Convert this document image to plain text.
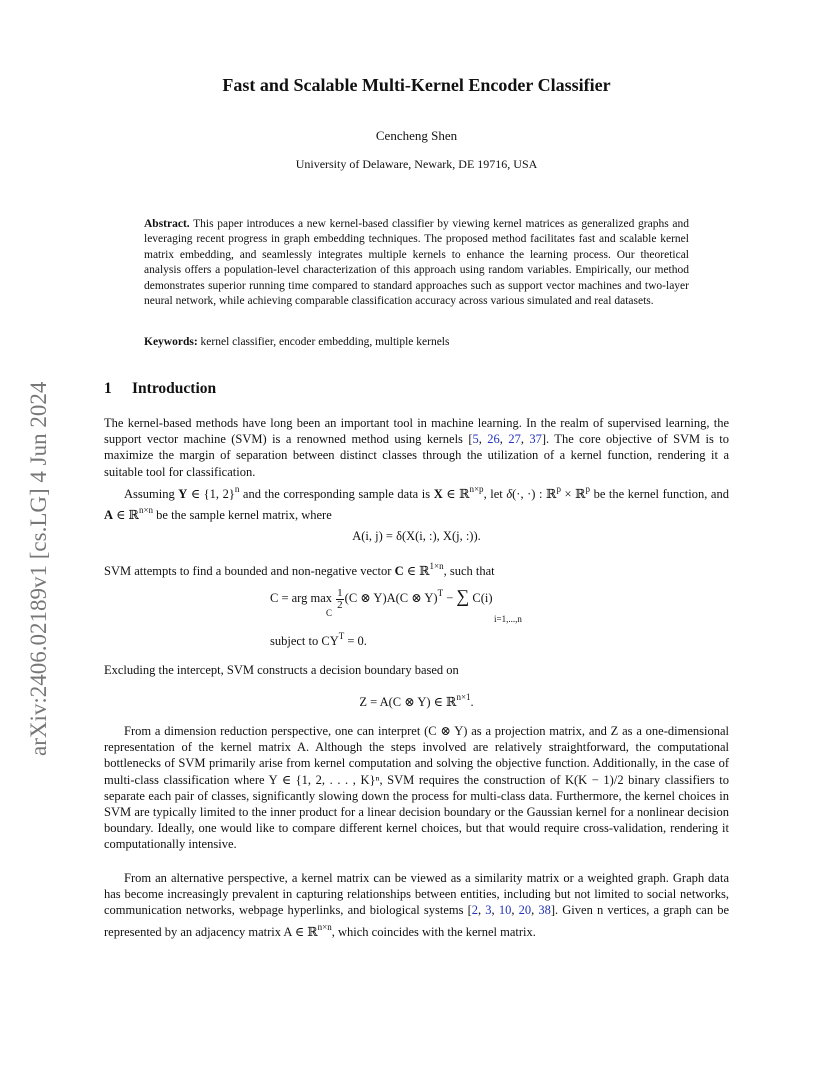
arXiv:2406.02189v1 [cs.LG] 4 Jun 2024
Fast and Scalable Multi-Kernel Encoder Classifier
Cencheng Shen
University of Delaware, Newark, DE 19716, USA
Abstract. This paper introduces a new kernel-based classifier by viewing kernel matrices as generalized graphs and leveraging recent progress in graph embedding techniques. The proposed method facilitates fast and scalable kernel matrix embedding, and seamlessly integrates multiple kernels to enhance the learning process. Our theoretical analysis offers a population-level characterization of this approach using random variables. Empirically, our method demonstrates superior running time compared to standard approaches such as support vector machines and two-layer neural network, while achieving comparable classification accuracy across various simulated and real datasets.
Keywords: kernel classifier, encoder embedding, multiple kernels
1 Introduction
The kernel-based methods have long been an important tool in machine learning. In the realm of supervised learning, the support vector machine (SVM) is a renowned method using kernels [5, 26, 27, 37]. The core objective of SVM is to maximize the margin of separation between distinct classes through the utilization of a kernel function, rendering it a suitable tool for classification.
Assuming Y ∈ {1, 2}$^n$ and the corresponding sample data is X ∈ ℝ$^{n\times p}$, let δ(·, ·) : ℝ$^p$ × ℝ$^p$ be the kernel function, and A ∈ ℝ$^{n\times n}$ be the sample kernel matrix, where
A(i, j) = δ(X(i, :), X(j, :)).
SVM attempts to find a bounded and non-negative vector C ∈ ℝ$^{1\times n}$, such that
C = arg $\max \frac{1}{2} (C$ ⊗ Y)A(C ⊗ Y)$^T$ − ∑ C(i)
C
i=1,...,n
subject to $CY^T = 0$.
Excluding the intercept, SVM constructs a decision boundary based on
Z = A(C ⊗ Y) ∈ ℝ$^{n\times 1}$.
From a dimension reduction perspective, one can interpret (C ⊗ Y) as a projection matrix, and Z as a one-dimensional representation of the kernel matrix A. Although the steps involved are relatively straightforward, the computational bottlenecks of SVM primarily arise from kernel computation and solving the objective function. Additionally, in the case of multi-class classification where Y ∈ {1, 2, . . . , K}ⁿ, SVM requires the construction of K(K − 1)/2 binary classifiers to separate each pair of classes, significantly slowing down the process for multi-class data. Furthermore, the kernel choices in SVM are typically limited to the inner product for a linear decision boundary or the Gaussian kernel for a nonlinear decision boundary. Ideally, one would like to compare different kernel choices, but that would require cross-validation, rendering it computationally intensive.
From an alternative perspective, a kernel matrix can be viewed as a similarity matrix or a weighted graph. Graph data has become increasingly prevalent in capturing relationships between entities, including but not limited to social networks, communication networks, webpage hyperlinks, and biological systems [2, 3, 10, 20, 38]. Given n vertices, a graph can be represented by an adjacency matrix A ∈ ℝ$^{n\times n}$, which coincides with the kernel matrix.
